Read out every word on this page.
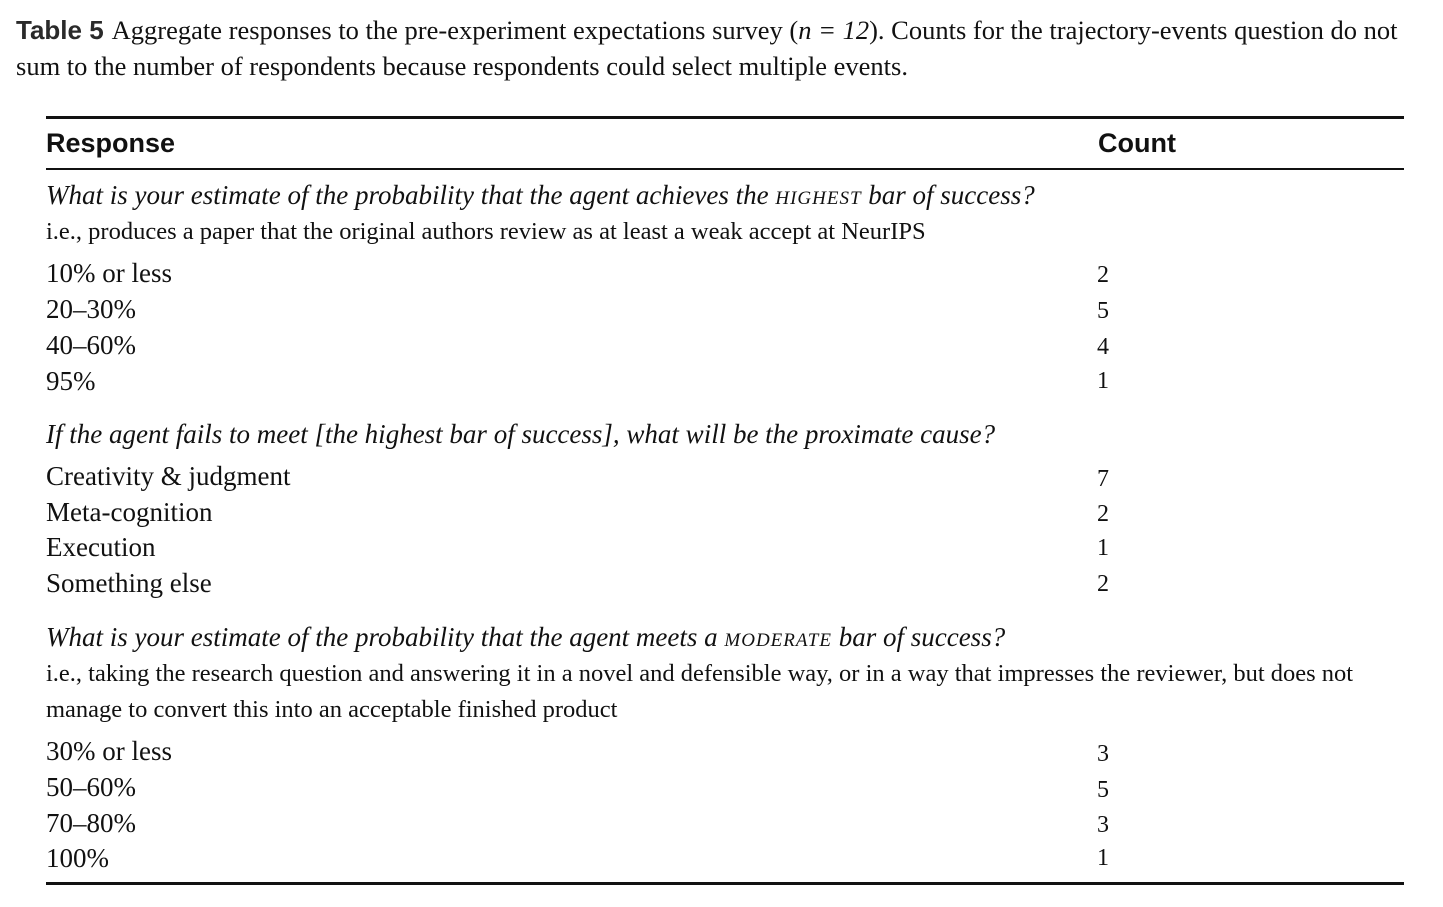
Table 5 Aggregate responses to the pre-experiment expectations survey (n = 12). Counts for the trajectory-events question do not sum to the number of respondents because respondents could select multiple events.
Response	Count
What is your estimate of the probability that the agent achieves the highest bar of success?
i.e., produces a paper that the original authors review as at least a weak accept at NeurIPS
10% or less	2
20–30%	5
40–60%	4
95%	1
If the agent fails to meet [the highest bar of success], what will be the proximate cause?
Creativity & judgment	7
Meta-cognition	2
Execution	1
Something else	2
What is your estimate of the probability that the agent meets a moderate bar of success?
i.e., taking the research question and answering it in a novel and defensible way, or in a way that impresses the reviewer, but does not manage to convert this into an acceptable finished product
30% or less	3
50–60%	5
70–80%	3
100%	1
